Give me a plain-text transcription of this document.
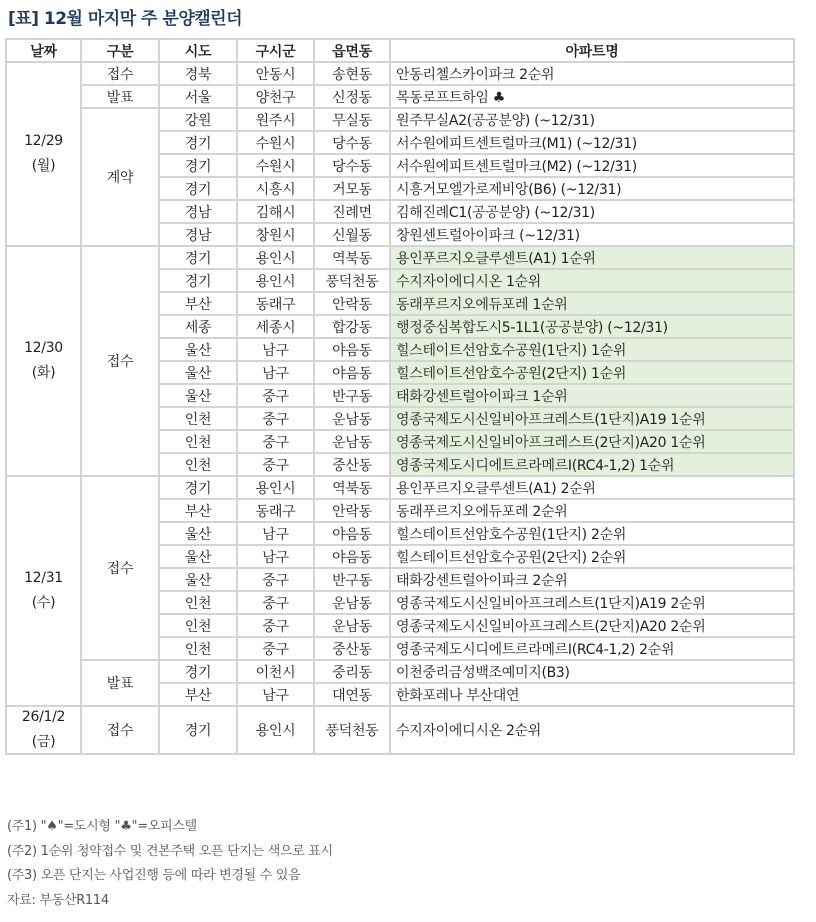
[표] 12월 마지막 주 분양캘린더
날짜	구분	시도	구시군	읍면동	아파트명

12/29
(월)	접수	경북	안동시	송현동	안동리첼스카이파크 2순위
	발표	서울	양천구	신정동	목동로프트하임 ♣
	계약	강원	원주시	무실동	원주무실A2(공공분양) (~12/31)
		경기	수원시	당수동	서수원에피트센트럴마크(M1) (~12/31)
		경기	수원시	당수동	서수원에피트센트럴마크(M2) (~12/31)
		경기	시흥시	거모동	시흥거모엘가로제비앙(B6) (~12/31)
		경남	김해시	진례면	김해진례C1(공공분양) (~12/31)
		경남	창원시	신월동	창원센트럴아이파크 (~12/31)

12/30
(화)	접수	경기	용인시	역북동	용인푸르지오클루센트(A1) 1순위
		경기	용인시	풍덕천동	수지자이에디시온 1순위
		부산	동래구	안락동	동래푸르지오에듀포레 1순위
		세종	세종시	합강동	행정중심복합도시5-1L1(공공분양) (~12/31)
		울산	남구	야음동	힐스테이트선암호수공원(1단지) 1순위
		울산	남구	야음동	힐스테이트선암호수공원(2단지) 1순위
		울산	중구	반구동	태화강센트럴아이파크 1순위
		인천	중구	운남동	영종국제도시신일비아프크레스트(1단지)A19 1순위
		인천	중구	운남동	영종국제도시신일비아프크레스트(2단지)A20 1순위
		인천	중구	중산동	영종국제도시디에트르라메르Ⅰ(RC4-1,2) 1순위

12/31
(수)	접수	경기	용인시	역북동	용인푸르지오클루센트(A1) 2순위
		부산	동래구	안락동	동래푸르지오에듀포레 2순위
		울산	남구	야음동	힐스테이트선암호수공원(1단지) 2순위
		울산	남구	야음동	힐스테이트선암호수공원(2단지) 2순위
		울산	중구	반구동	태화강센트럴아이파크 2순위
		인천	중구	운남동	영종국제도시신일비아프크레스트(1단지)A19 2순위
		인천	중구	운남동	영종국제도시신일비아프크레스트(2단지)A20 2순위
		인천	중구	중산동	영종국제도시디에트르라메르Ⅰ(RC4-1,2) 2순위
	발표	경기	이천시	중리동	이천중리금성백조예미지(B3)
		부산	남구	대연동	한화포레나 부산대연

26/1/2
(금)	접수	경기	용인시	풍덕천동	수지자이에디시온 2순위
(주1) "♠"=도시형 "♣"=오피스텔
(주2) 1순위 청약접수 및 견본주택 오픈 단지는 색으로 표시
(주3) 오픈 단지는 사업진행 등에 따라 변경될 수 있음
자료: 부동산R114
